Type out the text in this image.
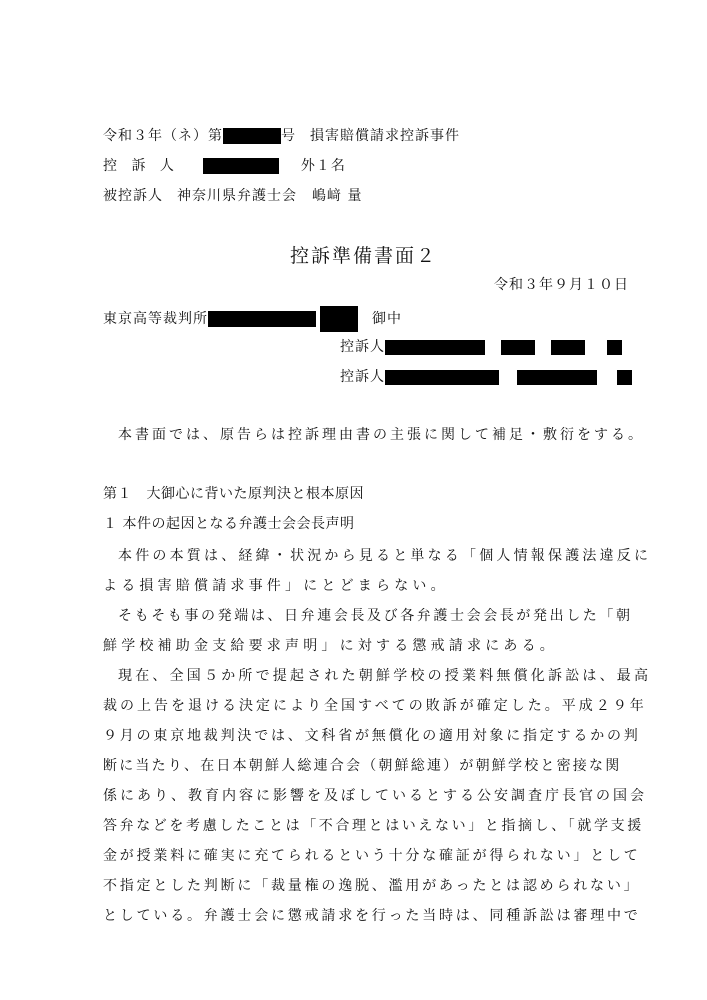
令和３年（ネ）第	号 損害賠償請求控訴事件
控 訴 人	外１名
被控訴人 神奈川県弁護士会　嶋﨑 量
控訴準備書面２
令和３年９月１０日
東京高等裁判所	御中
控訴人
控訴人
本書面では、原告らは控訴理由書の主張に関して補足・敷衍をする。
第１　大御心に背いた原判決と根本原因
１ 本件の起因となる弁護士会会長声明
本件の本質は、経緯・状況から見ると単なる「個人情報保護法違反に
よる損害賠償請求事件」にとどまらない。
そもそも事の発端は、日弁連会長及び各弁護士会会長が発出した「朝
鮮学校補助金支給要求声明」に対する懲戒請求にある。
現在、全国５か所で提起された朝鮮学校の授業料無償化訴訟は、最高
裁の上告を退ける決定により全国すべての敗訴が確定した。平成２９年
９月の東京地裁判決では、文科省が無償化の適用対象に指定するかの判
断に当たり、在日本朝鮮人総連合会（朝鮮総連）が朝鮮学校と密接な関
係にあり、教育内容に影響を及ぼしているとする公安調査庁長官の国会
答弁などを考慮したことは「不合理とはいえない」と指摘し、「就学支援
金が授業料に確実に充てられるという十分な確証が得られない」として
不指定とした判断に「裁量権の逸脱、濫用があったとは認められない」
としている。弁護士会に懲戒請求を行った当時は、同種訴訟は審理中で
